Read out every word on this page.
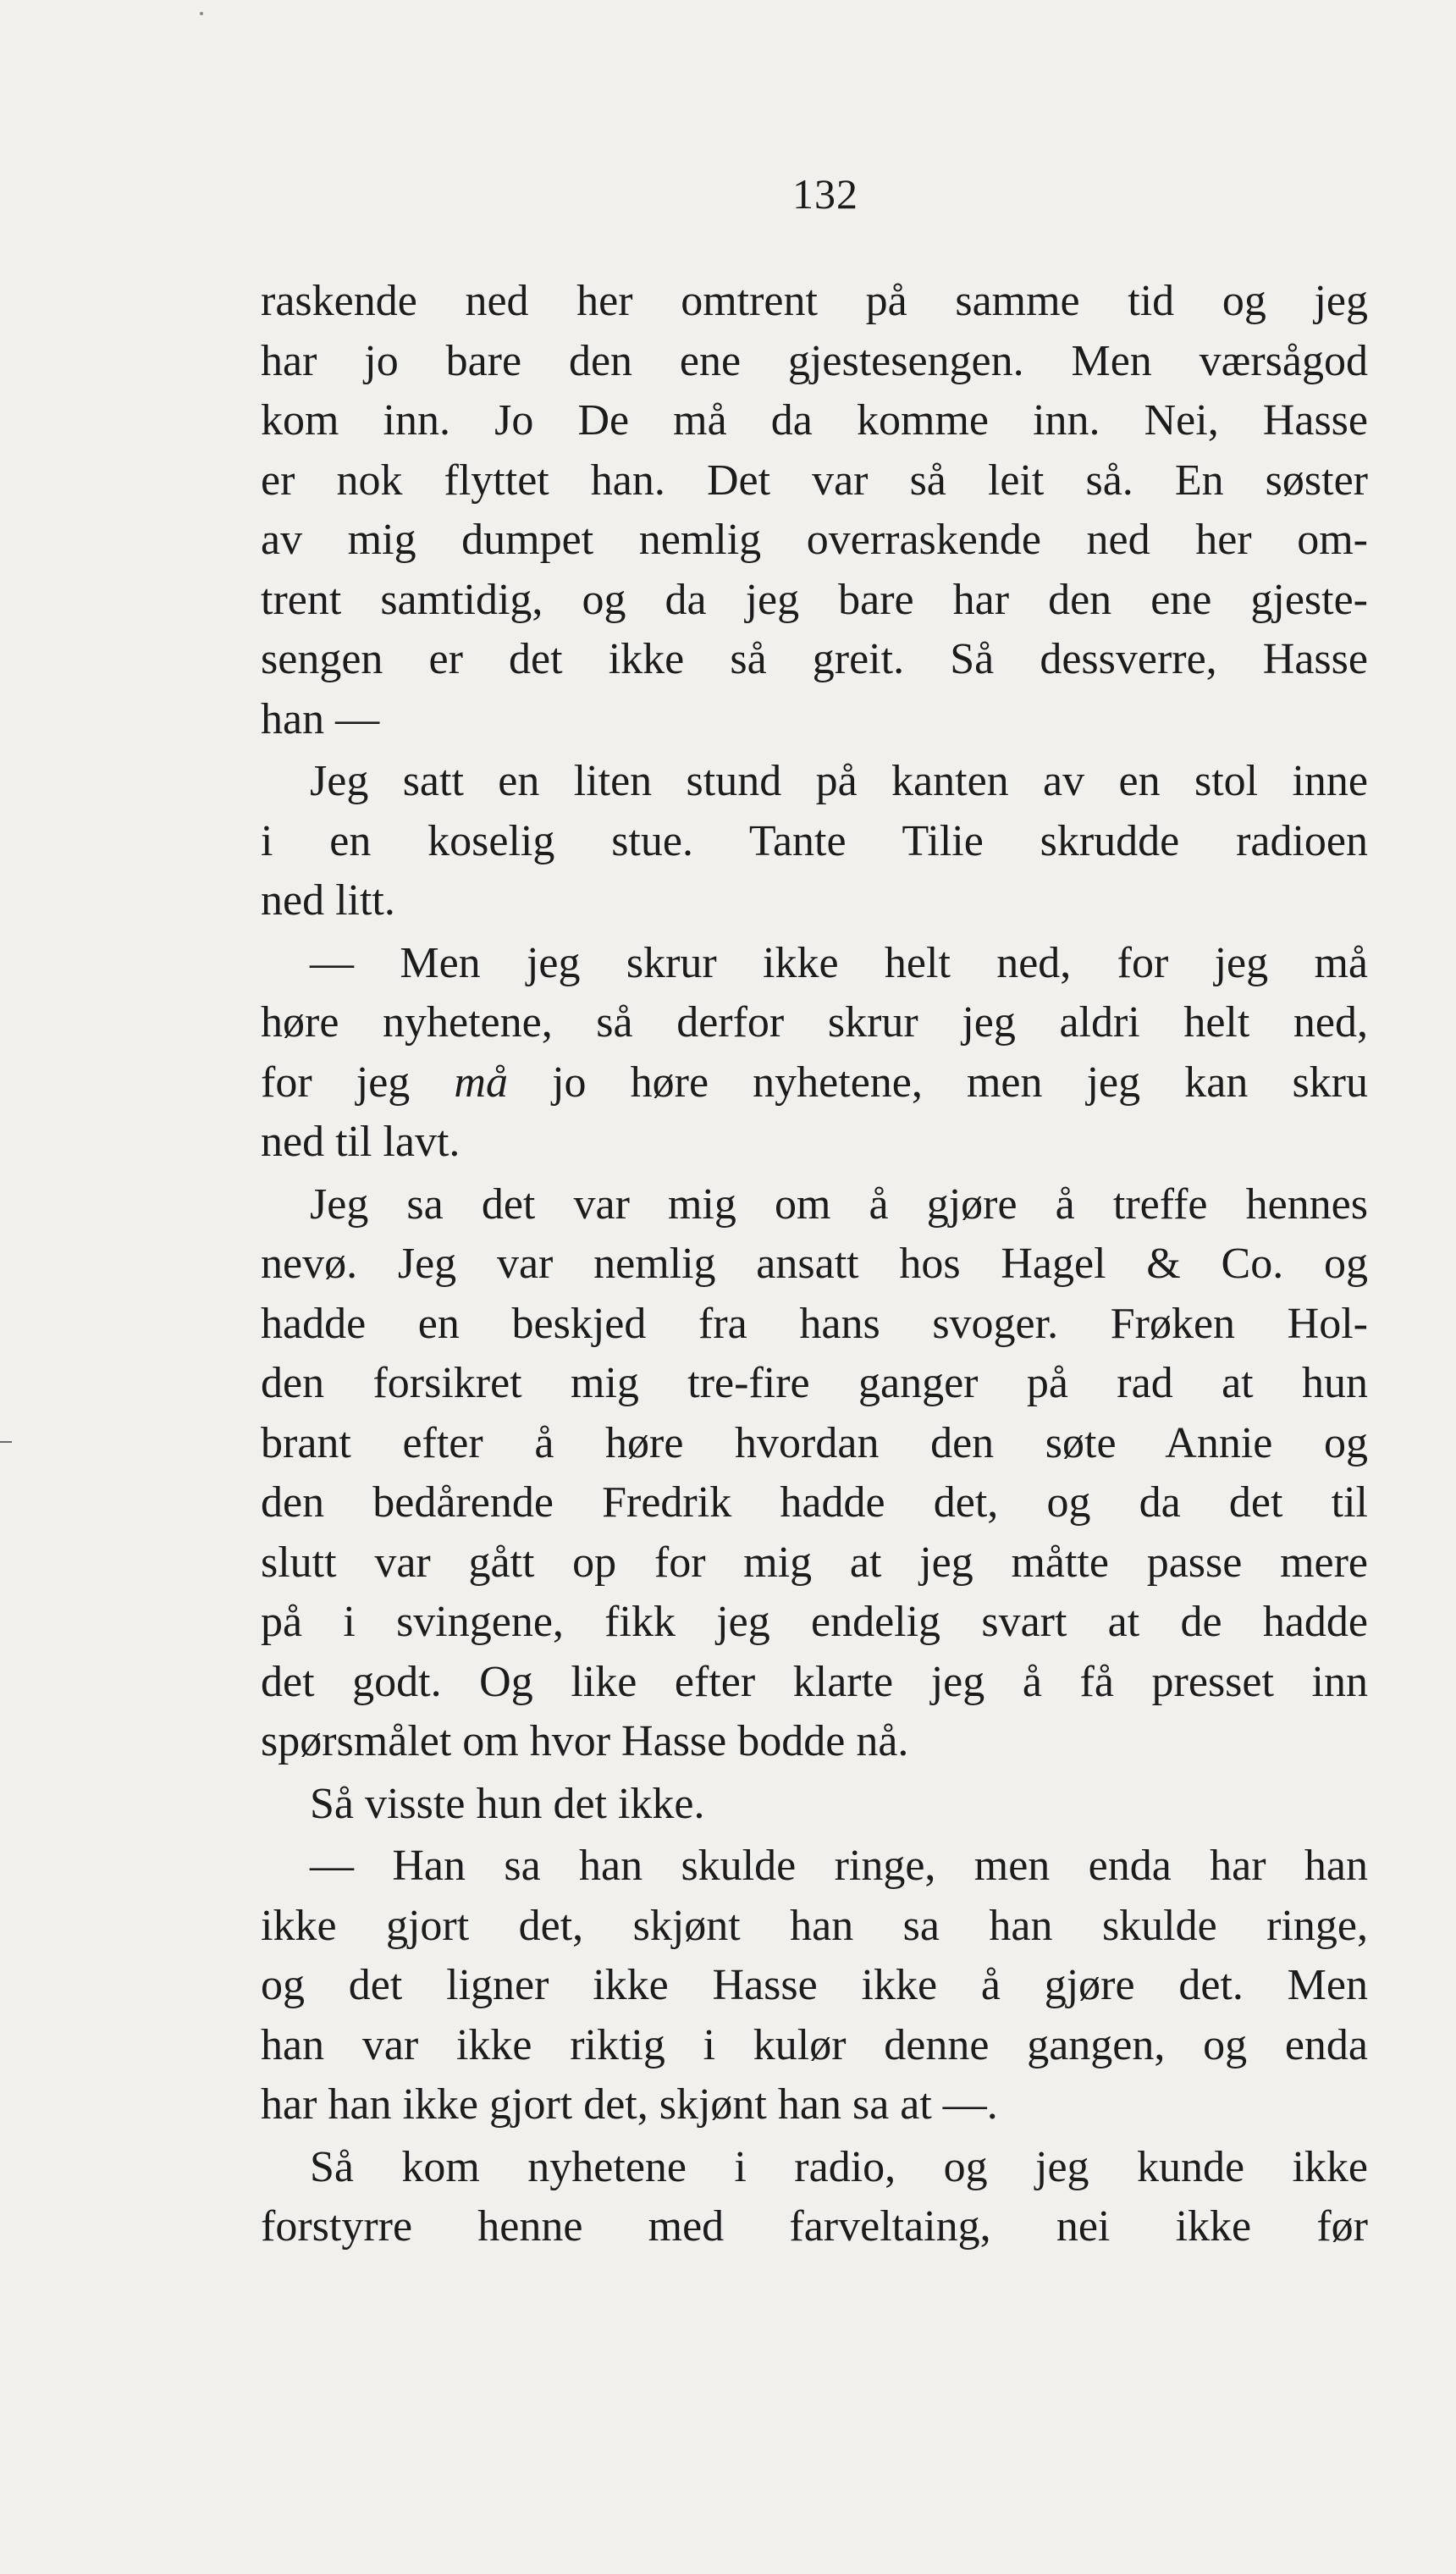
132
raskende ned her omtrent på samme tid og jeg
har jo bare den ene gjestesengen. Men værsågod
kom inn. Jo De må da komme inn. Nei, Hasse
er nok flyttet han. Det var så leit så. En søster
av mig dumpet nemlig overraskende ned her om-
trent samtidig, og da jeg bare har den ene gjeste-
sengen er det ikke så greit. Så dessverre, Hasse
han —
Jeg satt en liten stund på kanten av en stol inne
i en koselig stue. Tante Tilie skrudde radioen
ned litt.
— Men jeg skrur ikke helt ned, for jeg må
høre nyhetene, så derfor skrur jeg aldri helt ned,
for jeg må jo høre nyhetene, men jeg kan skru
ned til lavt.
Jeg sa det var mig om å gjøre å treffe hennes
nevø. Jeg var nemlig ansatt hos Hagel & Co. og
hadde en beskjed fra hans svoger. Frøken Hol-
den forsikret mig tre-fire ganger på rad at hun
brant efter å høre hvordan den søte Annie og
den bedårende Fredrik hadde det, og da det til
slutt var gått op for mig at jeg måtte passe mere
på i svingene, fikk jeg endelig svart at de hadde
det godt. Og like efter klarte jeg å få presset inn
spørsmålet om hvor Hasse bodde nå.
Så visste hun det ikke.
— Han sa han skulde ringe, men enda har han
ikke gjort det, skjønt han sa han skulde ringe,
og det ligner ikke Hasse ikke å gjøre det. Men
han var ikke riktig i kulør denne gangen, og enda
har han ikke gjort det, skjønt han sa at —.
Så kom nyhetene i radio, og jeg kunde ikke
forstyrre henne med farveltaing, nei ikke før
